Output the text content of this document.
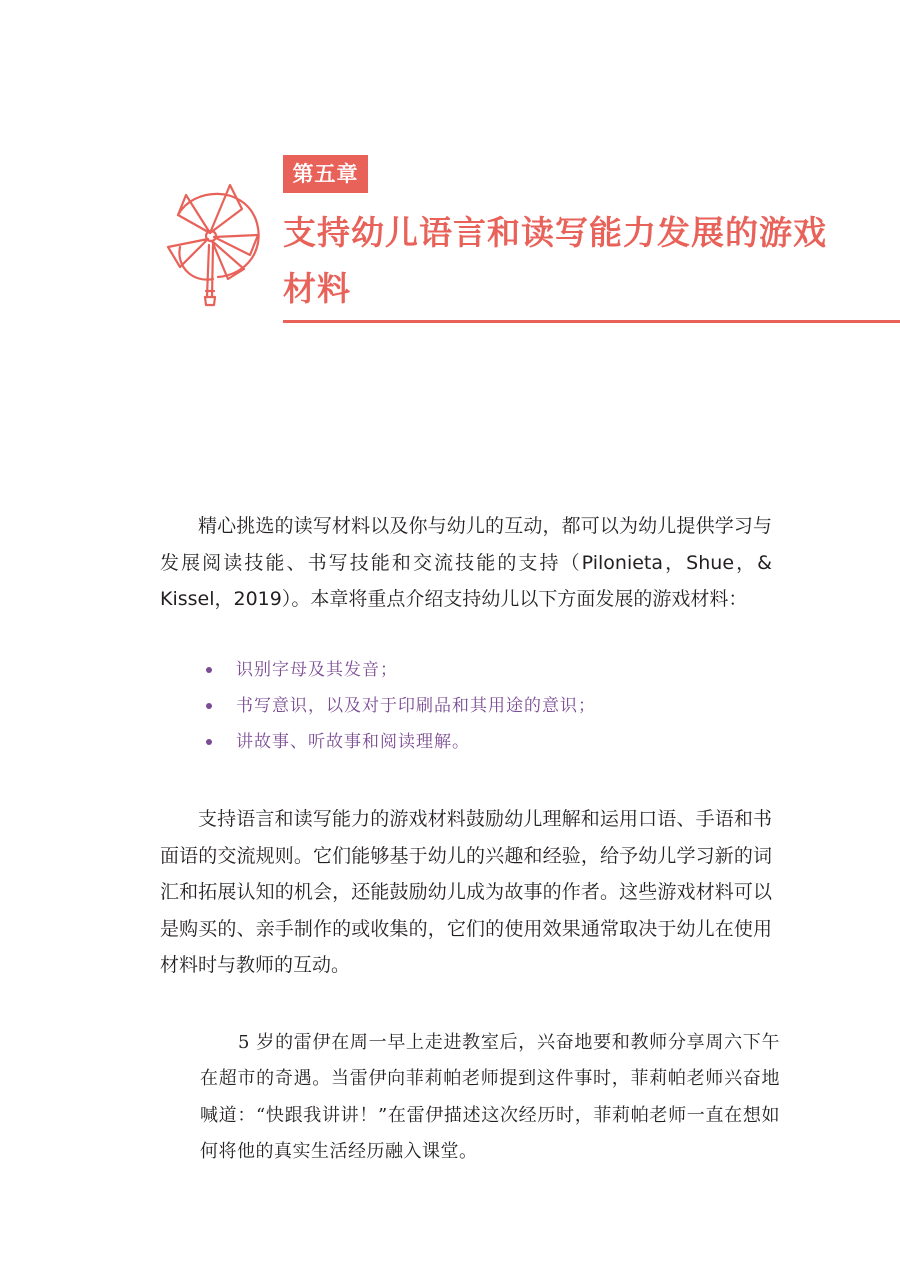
第五章
支持幼儿语言和读写能力发展的游戏材料

精心挑选的读写材料以及你与幼儿的互动，都可以为幼儿提供学习与发展阅读技能、书写技能和交流技能的支持（Pilonieta，Shue，& Kissel，2019）。本章将重点介绍支持幼儿以下方面发展的游戏材料：

识别字母及其发音；
书写意识，以及对于印刷品和其用途的意识；
讲故事、听故事和阅读理解。

支持语言和读写能力的游戏材料鼓励幼儿理解和运用口语、手语和书面语的交流规则。它们能够基于幼儿的兴趣和经验，给予幼儿学习新的词汇和拓展认知的机会，还能鼓励幼儿成为故事的作者。这些游戏材料可以是购买的、亲手制作的或收集的，它们的使用效果通常取决于幼儿在使用材料时与教师的互动。

5 岁的雷伊在周一早上走进教室后，兴奋地要和教师分享周六下午在超市的奇遇。当雷伊向菲莉帕老师提到这件事时，菲莉帕老师兴奋地喊道：“快跟我讲讲！”在雷伊描述这次经历时，菲莉帕老师一直在想如何将他的真实生活经历融入课堂。
